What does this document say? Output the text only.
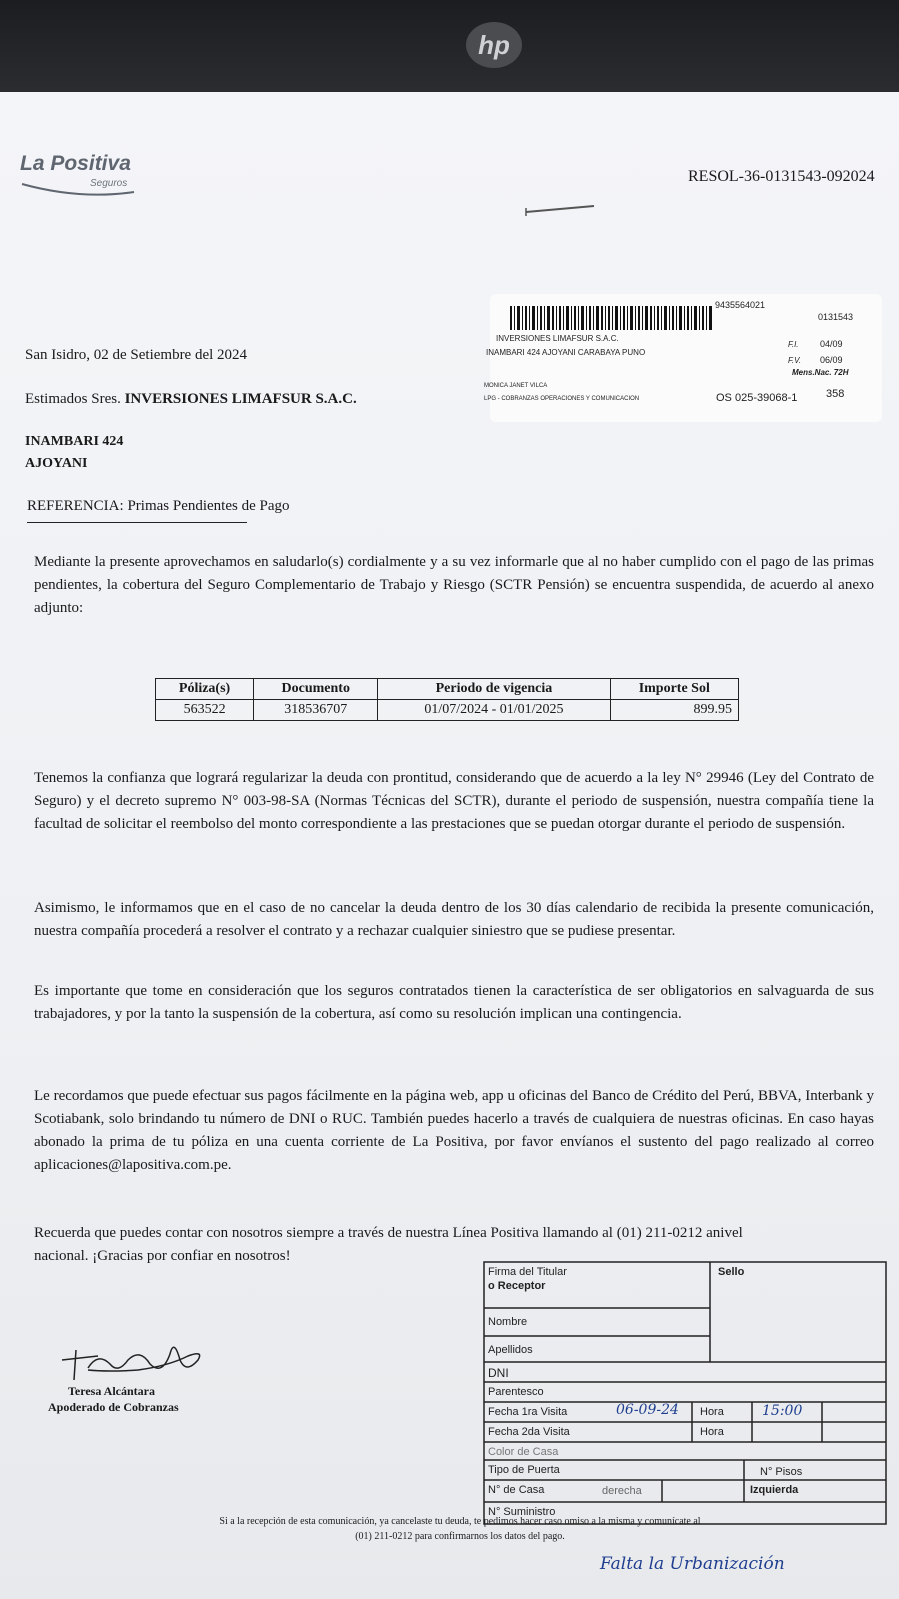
hp
La Positiva
Seguros	RESOL-36-0131543-092024
San Isidro, 02 de Setiembre del 2024
Estimados Sres. INVERSIONES LIMAFSUR S.A.C.
INAMBARI 424
AJOYANI
REFERENCIA: Primas Pendientes de Pago
9435564021
0131543
INVERSIONES LIMAFSUR S.A.C.
INAMBARI 424 AJOYANI CARABAYA PUNO
F.I. 04/09
F.V. 06/09
Mens.Nac. 72H
MONICA JANET VILCA
LPG - COBRANZAS OPERACIONES Y COMUNICACION	OS 025-39068-1	358
Mediante la presente aprovechamos en saludarlo(s) cordialmente y a su vez informarle que al no haber cumplido con el pago de las primas pendientes, la cobertura del Seguro Complementario de Trabajo y Riesgo (SCTR Pensión) se encuentra suspendida, de acuerdo al anexo adjunto:
Póliza(s)	Documento	Periodo de vigencia	Importe Sol
563522	318536707	01/07/2024 - 01/01/2025	899.95
Tenemos la confianza que logrará regularizar la deuda con prontitud, considerando que de acuerdo a la ley N° 29946 (Ley del Contrato de Seguro) y el decreto supremo N° 003-98-SA (Normas Técnicas del SCTR), durante el periodo de suspensión, nuestra compañía tiene la facultad de solicitar el reembolso del monto correspondiente a las prestaciones que se puedan otorgar durante el periodo de suspensión.
Asimismo, le informamos que en el caso de no cancelar la deuda dentro de los 30 días calendario de recibida la presente comunicación, nuestra compañía procederá a resolver el contrato y a rechazar cualquier siniestro que se pudiese presentar.
Es importante que tome en consideración que los seguros contratados tienen la característica de ser obligatorios en salvaguarda de sus trabajadores, y por la tanto la suspensión de la cobertura, así como su resolución implican una contingencia.
Le recordamos que puede efectuar sus pagos fácilmente en la página web, app u oficinas del Banco de Crédito del Perú, BBVA, Interbank y Scotiabank, solo brindando tu número de DNI o RUC. También puedes hacerlo a través de cualquiera de nuestras oficinas. En caso hayas abonado la prima de tu póliza en una cuenta corriente de La Positiva, por favor envíanos el sustento del pago realizado al correo aplicaciones@lapositiva.com.pe.
Recuerda que puedes contar con nosotros siempre a través de nuestra Línea Positiva llamando al (01) 211-0212 anivel
nacional. ¡Gracias por confiar en nosotros!
Teresa Alcántara
Apoderado de Cobranzas
Firma del Titular
o Receptor
Sello
Nombre
Apellidos
DNI
Parentesco
Fecha 1ra Visita	06-09-24 Hora	15:00
Fecha 2da Visita	Hora
Color de Casa
Tipo de Puerta	N° Pisos
N° de Casa	derecha	Izquierda
N° Suministro
Si a la recepción de esta comunicación, ya cancelaste tu deuda, te pedimos hacer caso omiso a la misma y comunícate al
(01) 211-0212 para confirmarnos los datos del pago.
Falta la Urbanización
